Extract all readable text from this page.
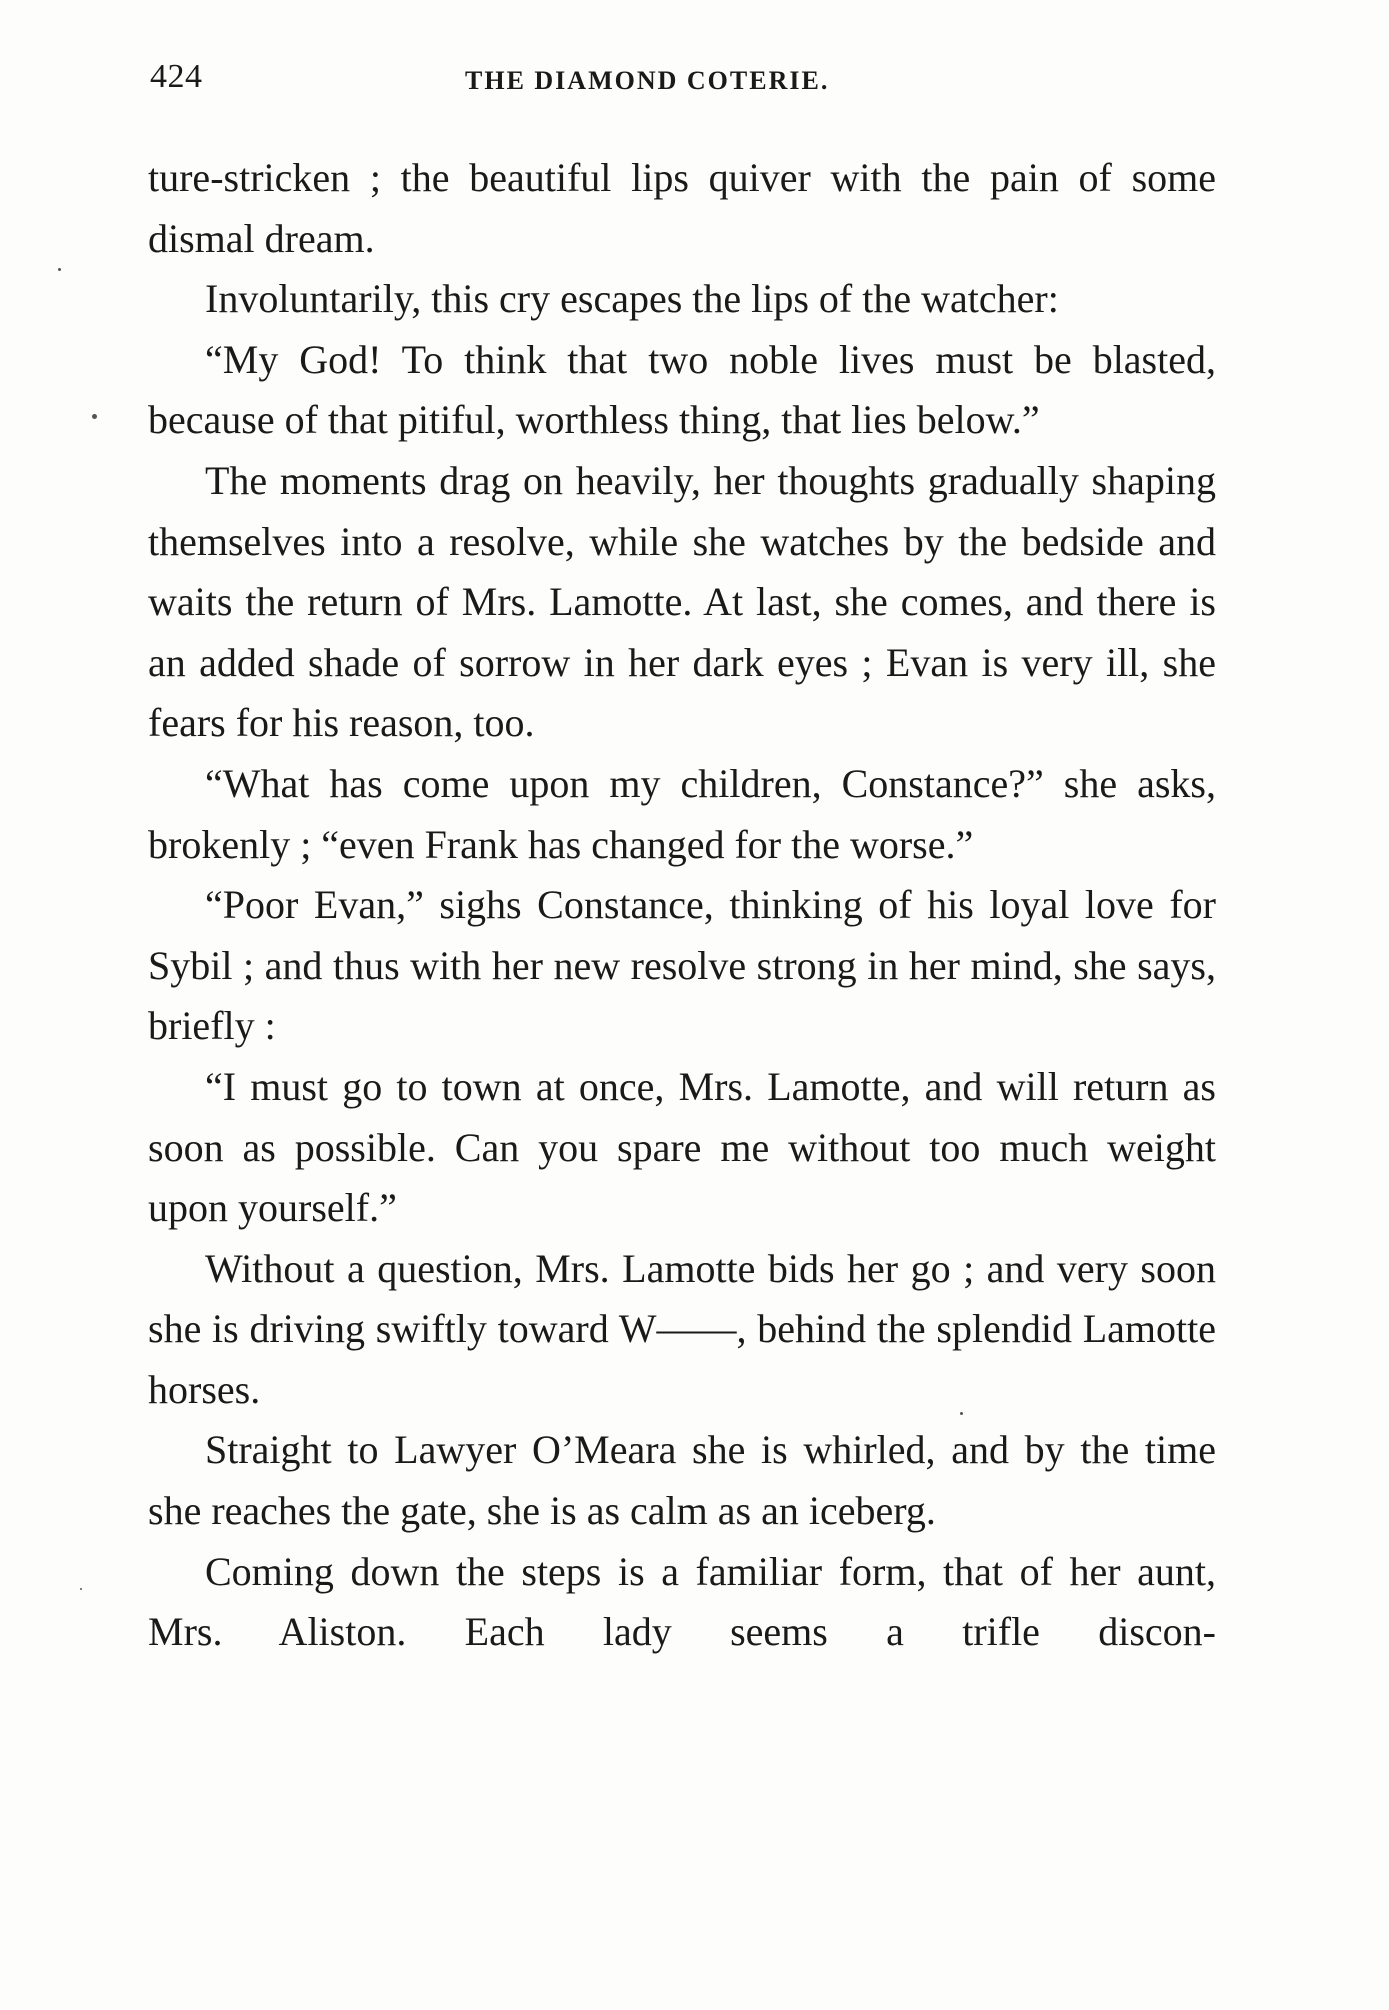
424	THE DIAMOND COTERIE.

ture-stricken ; the beautiful lips quiver with the pain of some dismal dream.

Involuntarily, this cry escapes the lips of the watcher:

“My God! To think that two noble lives must be blasted, because of that pitiful, worthless thing, that lies below.”

The moments drag on heavily, her thoughts gradually shaping themselves into a resolve, while she watches by the bedside and waits the return of Mrs. Lamotte. At last, she comes, and there is an added shade of sorrow in her dark eyes ; Evan is very ill, she fears for his reason, too.

“What has come upon my children, Constance?” she asks, brokenly ; “even Frank has changed for the worse.”

“Poor Evan,” sighs Constance, thinking of his loyal love for Sybil ; and thus with her new resolve strong in her mind, she says, briefly :

“I must go to town at once, Mrs. Lamotte, and will return as soon as possible. Can you spare me without too much weight upon yourself.”

Without a question, Mrs. Lamotte bids her go ; and very soon she is driving swiftly toward W——, behind the splendid Lamotte horses.

Straight to Lawyer O’Meara she is whirled, and by the time she reaches the gate, she is as calm as an iceberg.

Coming down the steps is a familiar form, that of her aunt, Mrs. Aliston. Each lady seems a trifle discon-
